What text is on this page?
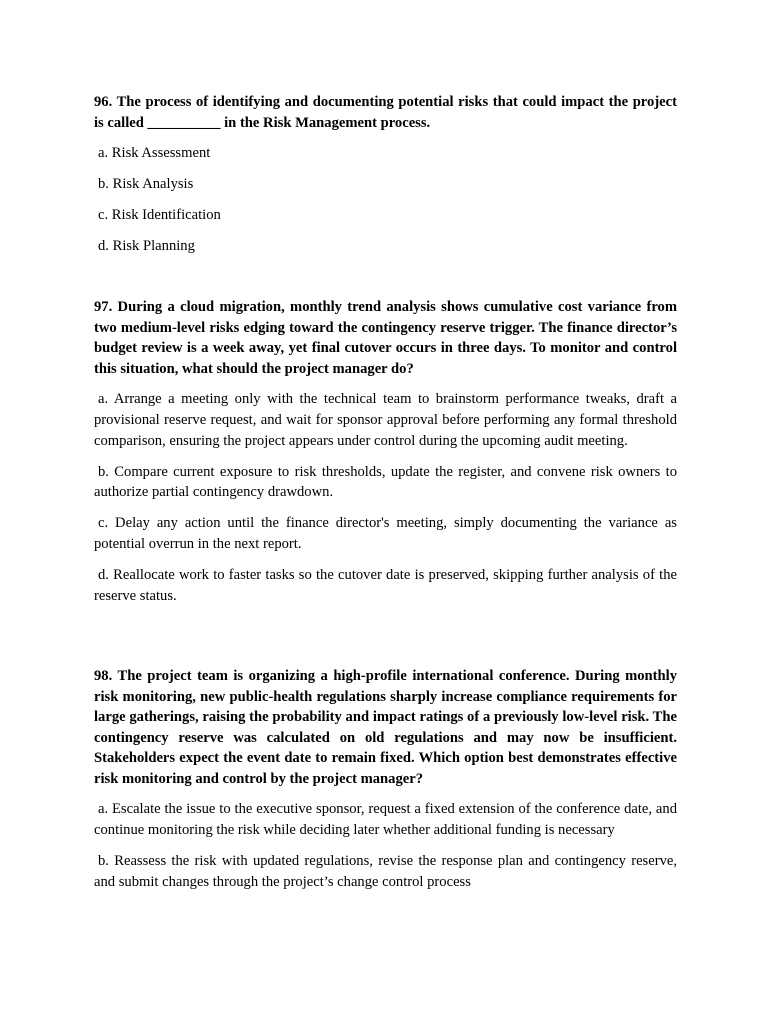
96. The process of identifying and documenting potential risks that could impact the project is called __________ in the Risk Management process.

a. Risk Assessment

b. Risk Analysis

c. Risk Identification

d. Risk Planning

97. During a cloud migration, monthly trend analysis shows cumulative cost variance from two medium-level risks edging toward the contingency reserve trigger. The finance director’s budget review is a week away, yet final cutover occurs in three days. To monitor and control this situation, what should the project manager do?

a. Arrange a meeting only with the technical team to brainstorm performance tweaks, draft a provisional reserve request, and wait for sponsor approval before performing any formal threshold comparison, ensuring the project appears under control during the upcoming audit meeting.

b. Compare current exposure to risk thresholds, update the register, and convene risk owners to authorize partial contingency drawdown.

c. Delay any action until the finance director's meeting, simply documenting the variance as potential overrun in the next report.

d. Reallocate work to faster tasks so the cutover date is preserved, skipping further analysis of the reserve status.

98. The project team is organizing a high-profile international conference. During monthly risk monitoring, new public-health regulations sharply increase compliance requirements for large gatherings, raising the probability and impact ratings of a previously low-level risk. The contingency reserve was calculated on old regulations and may now be insufficient. Stakeholders expect the event date to remain fixed. Which option best demonstrates effective risk monitoring and control by the project manager?

a. Escalate the issue to the executive sponsor, request a fixed extension of the conference date, and continue monitoring the risk while deciding later whether additional funding is necessary

b. Reassess the risk with updated regulations, revise the response plan and contingency reserve, and submit changes through the project’s change control process
